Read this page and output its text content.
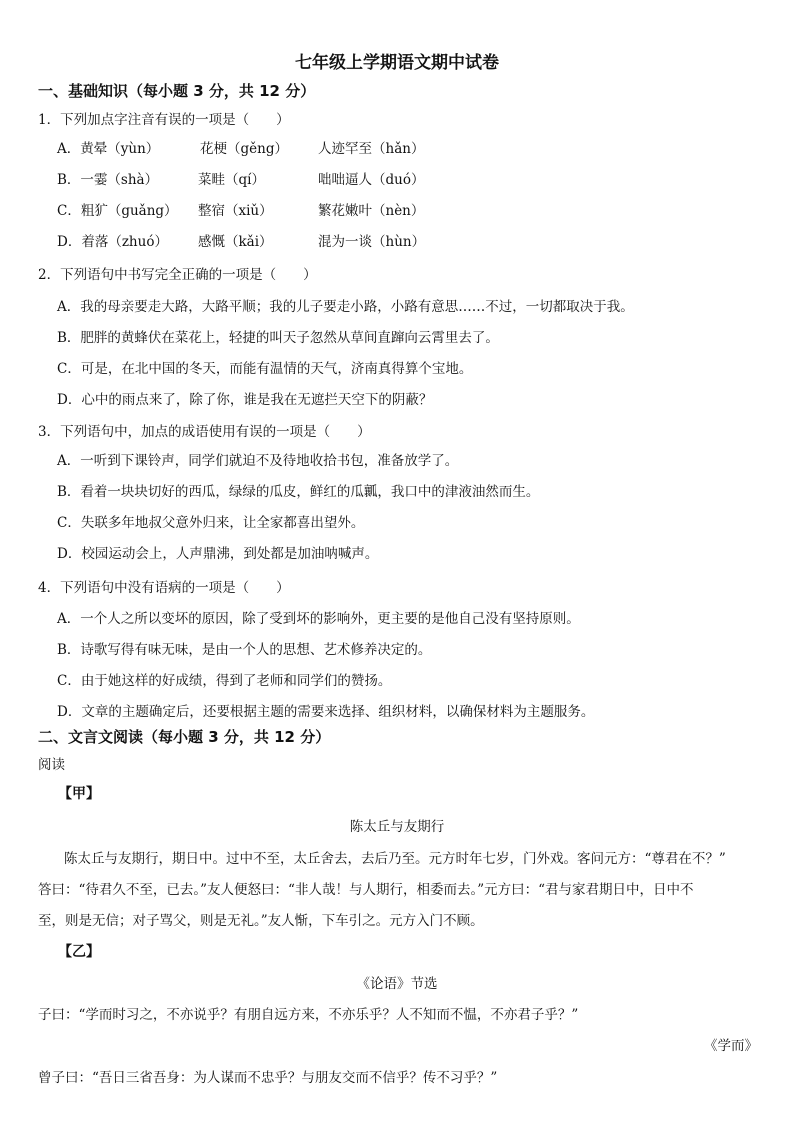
七年级上学期语文期中试卷
一、基础知识（每小题 3 分，共 12 分）
1．下列加点字注音有误的一项是（　　）
A．黄晕（yùn）	花梗（gěng） 人迹罕至（hǎn）
B．一霎（shà）	菜畦（qí）	咄咄逼人（duó）
C．粗犷（guǎng） 整宿（xiǔ）	繁花嫩叶（nèn）
D．着落（zhuó） 感慨（kǎi）	混为一谈（hùn）
2．下列语句中书写完全正确的一项是（　　）
A．我的母亲要走大路，大路平顺；我的儿子要走小路，小路有意思……不过，一切都取决于我。
B．肥胖的黄蜂伏在菜花上，轻捷的叫天子忽然从草间直蹿向云霄里去了。
C．可是，在北中国的冬天，而能有温情的天气，济南真得算个宝地。
D．心中的雨点来了，除了你，谁是我在无遮拦天空下的阴蔽？
3．下列语句中，加点的成语使用有误的一项是（　　）
A．一听到下课铃声，同学们就迫不及待地收拾书包，准备放学了。
B．看着一块块切好的西瓜，绿绿的瓜皮，鲜红的瓜瓤，我口中的津液油然而生。
C．失联多年地叔父意外归来，让全家都喜出望外。
D．校园运动会上，人声鼎沸，到处都是加油呐喊声。
4．下列语句中没有语病的一项是（　　）
A．一个人之所以变坏的原因，除了受到坏的影响外，更主要的是他自己没有坚持原则。
B．诗歌写得有味无味，是由一个人的思想、艺术修养决定的。
C．由于她这样的好成绩，得到了老师和同学们的赞扬。
D．文章的主题确定后，还要根据主题的需要来选择、组织材料，以确保材料为主题服务。
二、文言文阅读（每小题 3 分，共 12 分）
阅读
【甲】
陈太丘与友期行
陈太丘与友期行，期日中。过中不至，太丘舍去，去后乃至。元方时年七岁，门外戏。客问元方：“尊君在不？”
答曰：“待君久不至，已去。”友人便怒曰：“非人哉！与人期行，相委而去。”元方曰：“君与家君期日中，日中不
至，则是无信；对子骂父，则是无礼。”友人惭，下车引之。元方入门不顾。
【乙】
《论语》节选
子曰：“学而时习之，不亦说乎？有朋自远方来，不亦乐乎？人不知而不愠，不亦君子乎？”
《学而》
曾子曰：“吾日三省吾身：为人谋而不忠乎？与朋友交而不信乎？传不习乎？”
